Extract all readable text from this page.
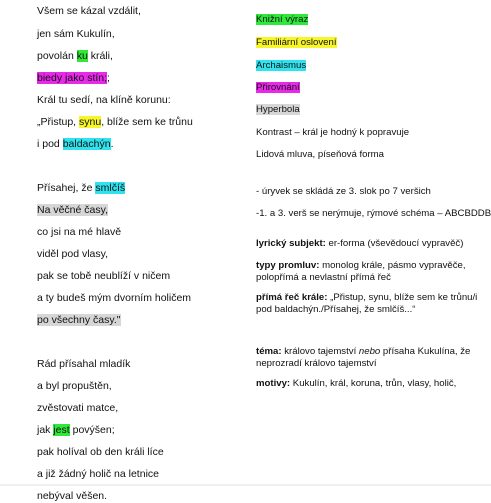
Všem se kázal vzdálit,
jen sám Kukulín,
povolán ku králi,
biedy jako stín;;
Král tu sedí, na klíně korunu:
„Přistup, synu, blíže sem ke trůnu
i pod baldachýn.
Přísahej, že smlčíš
Na věčné časy,
co jsi na mé hlavě
viděl pod vlasy,
pak se tobě neublíží v ničem
a ty budeš mým dvorním holičem
po všechny časy."
Rád přísahal mladík
a byl propuštěn,
zvěstovati matce,
jak jest povýšen;
pak holíval ob den králi líce
a již žádný holič na letnice
nebýval věšen.
Knižní výraz
Familiární oslovení
Archaismus
Přirovnání
Hyperbola
Kontrast – král je hodný k popravuje
Lidová mluva, píseňová forma
- úryvek se skládá ze 3. slok po 7 veršich
-1. a 3. verš se nerýmuje, rýmové schéma – ABCBDDB
lyrický subjekt: er-forma (vševědoucí vypravěč)
typy promluv: monolog krále, pásmo vypravěče,
polopřímá a nevlastní přímá řeč
přímá řeč krále: „Přistup, synu, blíže sem ke trůnu/i
pod baldachýn./Přísahej, že smlčíš...“
téma: královo tajemství nebo přísaha Kukulína, že
neprozradí královo tajemství
motivy: Kukulín, král, koruna, trůn, vlasy, holič,
